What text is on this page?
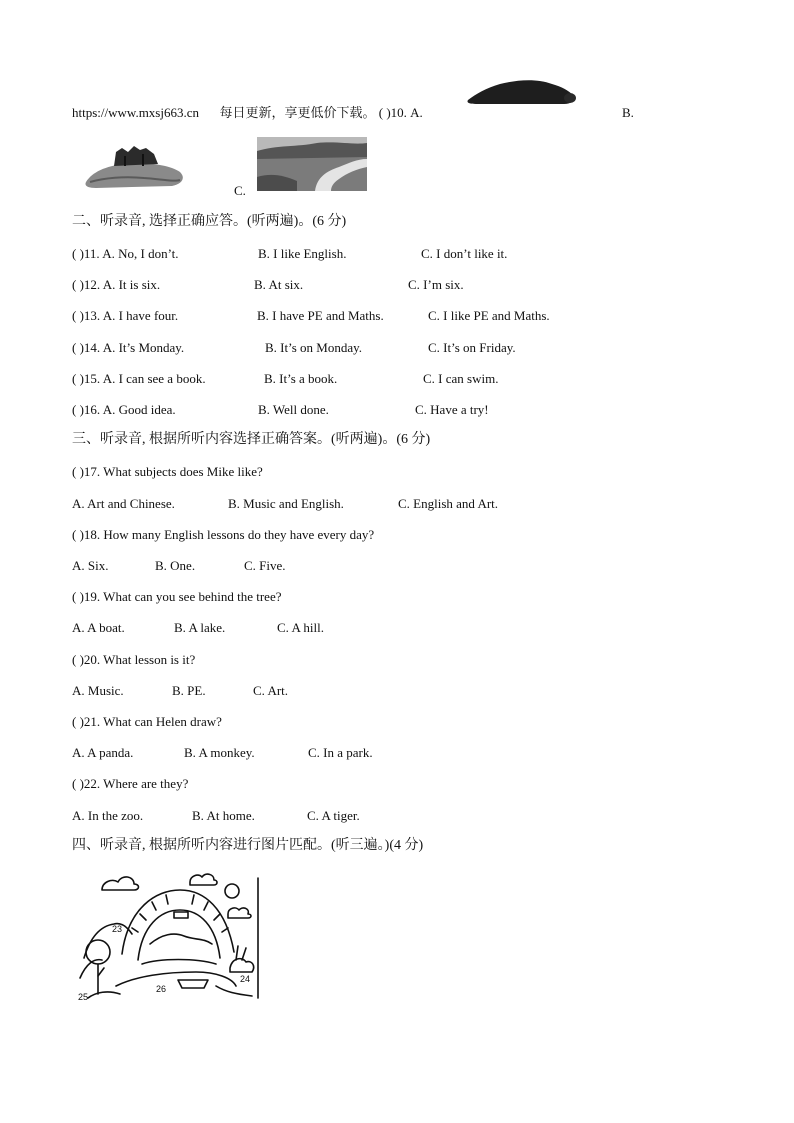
https://www.mxsj663.cn 每日更新，享更低价下载。 ( )10. A.	B.
C.
二、听录音, 选择正确应答。(听两遍)。(6 分)
( )11. A. No, I don’t.	B. I like English.	C. I don’t like it.
( )12. A. It is six.	B. At six.	C. I’m six.
( )13. A. I have four.	B. I have PE and Maths.	C. I like PE and Maths.
( )14. A. It’s Monday.	B. It’s on Monday.	C. It’s on Friday.
( )15. A. I can see a book.	B. It’s a book.	C. I can swim.
( )16. A. Good idea.	B. Well done.	C. Have a try!
三、听录音, 根据所听内容选择正确答案。(听两遍)。(6 分)
( )17. What subjects does Mike like?
A. Art and Chinese.	B. Music and English.	C. English and Art.
( )18. How many English lessons do they have every day?
A. Six.	B. One.	C. Five.
( )19. What can you see behind the tree?
A. A boat.	B. A lake.	C. A hill.
( )20. What lesson is it?
A. Music.	B. PE.	C. Art.
( )21. What can Helen draw?
A. A panda.	B. A monkey.	C. In a park.
( )22. Where are they?
A. In the zoo.	B. At home.	C. A tiger.
四、听录音, 根据所听内容进行图片匹配。(听三遍。)(4 分)
23
24
25
26
